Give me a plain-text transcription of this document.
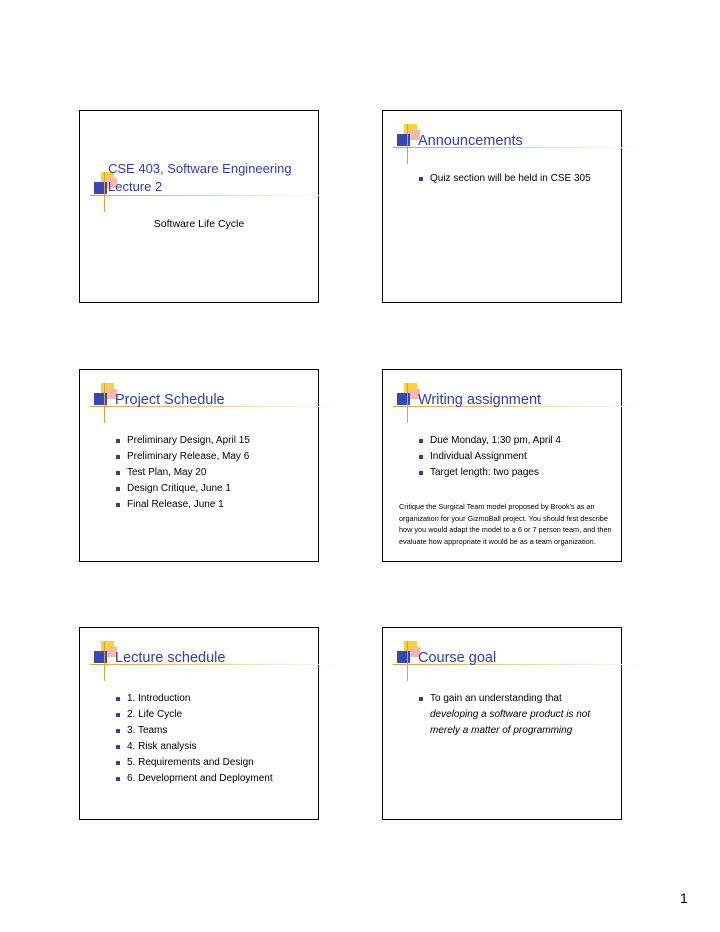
CSE 403, Software Engineering
Lecture 2
Software Life Cycle
Announcements
Quiz section will be held in CSE 305
Project Schedule
Preliminary Design, April 15
Preliminary Release, May 6
Test Plan, May 20
Design Critique, June 1
Final Release, June 1
Writing assignment
Due Monday, 1:30 pm, April 4
Individual Assignment
Target length: two pages
Critique the Surgical Team model proposed by Brook's as an organization for your GizmoBall project. You should first describe how you would adapt the model to a 6 or 7 person team, and then evaluate how appropriate it would be as a team organization.
Lecture schedule
1. Introduction
2. Life Cycle
3. Teams
4. Risk analysis
5. Requirements and Design
6. Development and Deployment
Course goal
To gain an understanding that
developing a software product is not merely a matter of programming
1
